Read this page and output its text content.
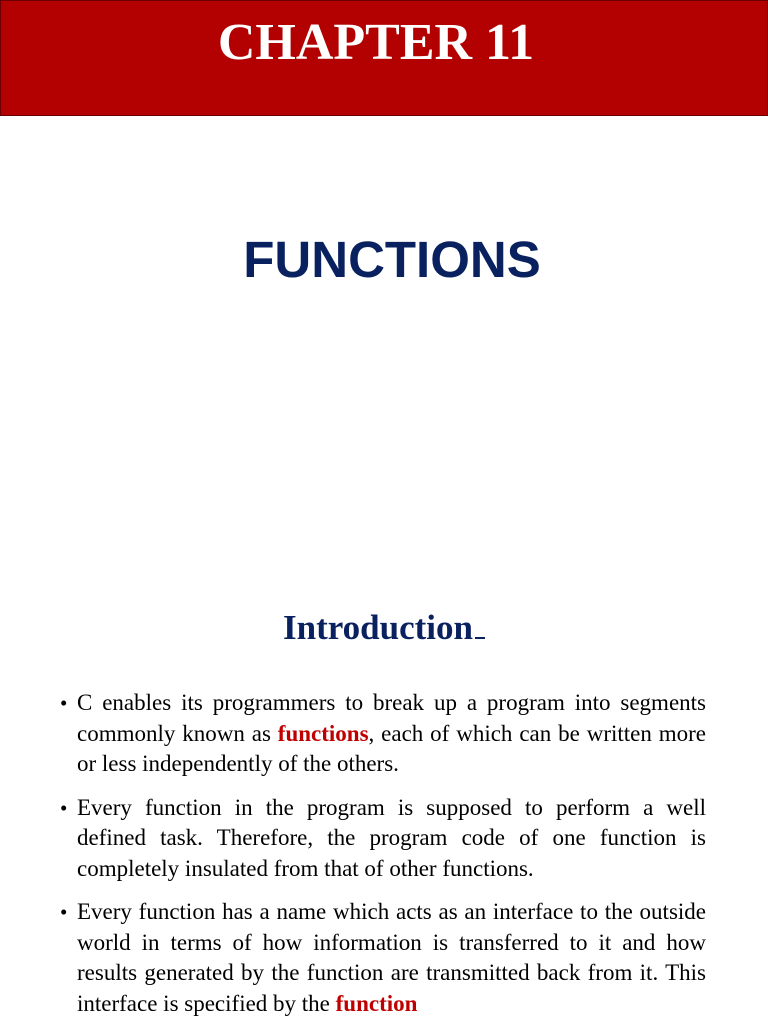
CHAPTER 11
FUNCTIONS
Introduction
• C enables its programmers to break up a program into segments commonly known as functions, each of which can be written more or less independently of the others.
• Every function in the program is supposed to perform a well defined task. Therefore, the program code of one function is completely insulated from that of other functions.
• Every function has a name which acts as an interface to the outside world in terms of how information is transferred to it and how results generated by the function are transmitted back from it. This interface is specified by the function
